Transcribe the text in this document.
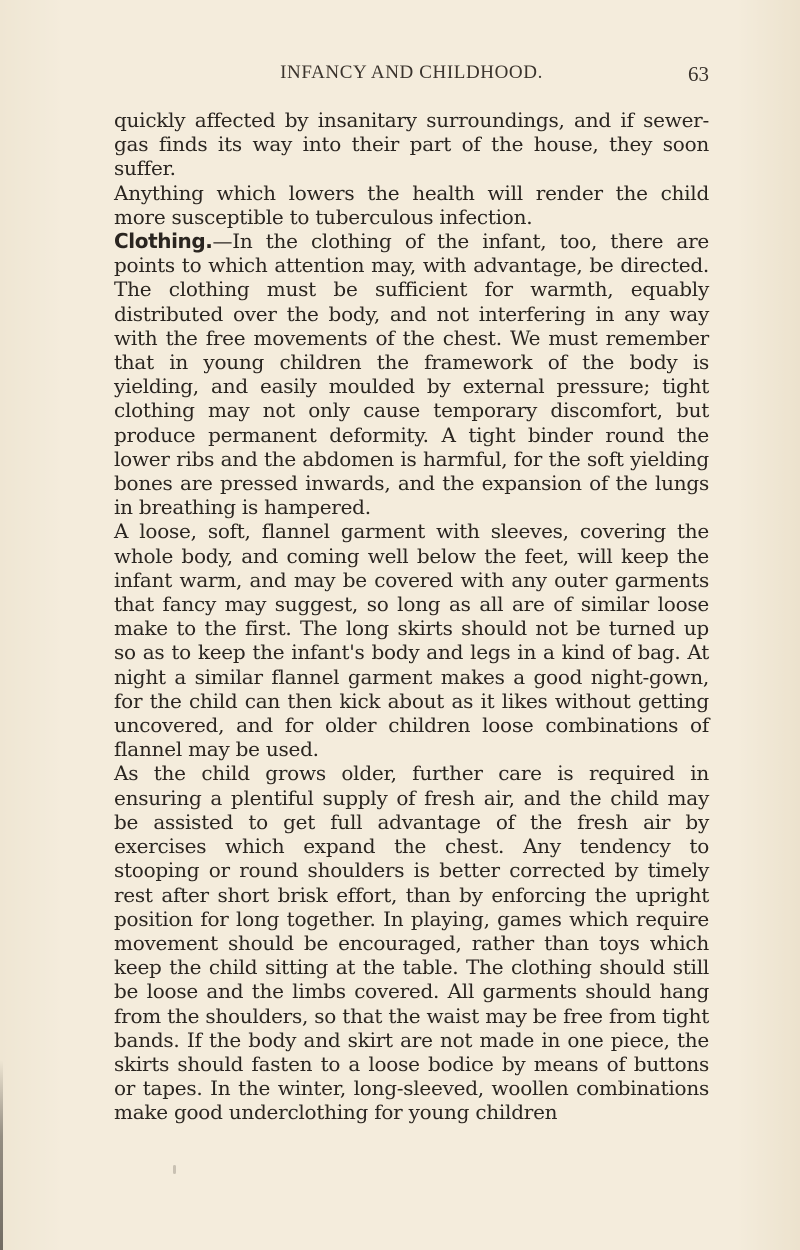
INFANCY AND CHILDHOOD.	63

quickly affected by insanitary surroundings, and if sewer-gas finds its way into their part of the house, they soon suffer.

Anything which lowers the health will render the child more susceptible to tuberculous infection.

Clothing.—In the clothing of the infant, too, there are points to which attention may, with advantage, be directed. The clothing must be sufficient for warmth, equably distributed over the body, and not interfering in any way with the free movements of the chest. We must remember that in young children the framework of the body is yielding, and easily moulded by external pressure; tight clothing may not only cause temporary discomfort, but produce permanent deformity. A tight binder round the lower ribs and the abdomen is harmful, for the soft yielding bones are pressed inwards, and the expansion of the lungs in breathing is hampered.

A loose, soft, flannel garment with sleeves, covering the whole body, and coming well below the feet, will keep the infant warm, and may be covered with any outer garments that fancy may suggest, so long as all are of similar loose make to the first. The long skirts should not be turned up so as to keep the infant's body and legs in a kind of bag. At night a similar flannel garment makes a good night-gown, for the child can then kick about as it likes without getting uncovered, and for older children loose combinations of flannel may be used.

As the child grows older, further care is required in ensuring a plentiful supply of fresh air, and the child may be assisted to get full advantage of the fresh air by exercises which expand the chest. Any tendency to stooping or round shoulders is better corrected by timely rest after short brisk effort, than by enforcing the upright position for long together. In playing, games which require movement should be encouraged, rather than toys which keep the child sitting at the table. The clothing should still be loose and the limbs covered. All garments should hang from the shoulders, so that the waist may be free from tight bands. If the body and skirt are not made in one piece, the skirts should fasten to a loose bodice by means of buttons or tapes. In the winter, long-sleeved, woollen combinations make good underclothing for young children
